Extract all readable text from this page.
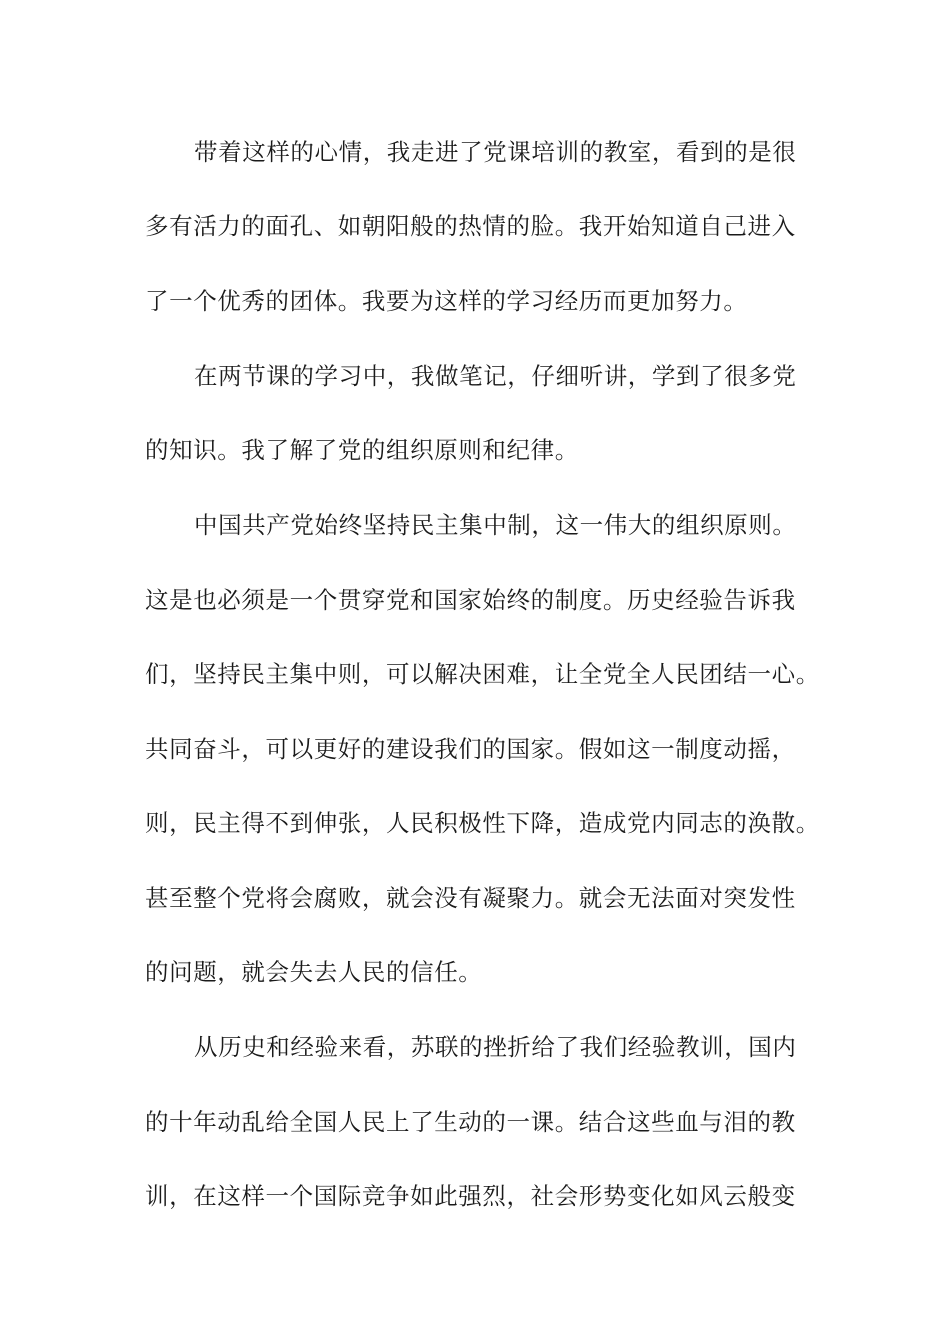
带着这样的心情，我走进了党课培训的教室，看到的是很
多有活力的面孔、如朝阳般的热情的脸。我开始知道自己进入
了一个优秀的团体。我要为这样的学习经历而更加努力。
在两节课的学习中，我做笔记，仔细听讲，学到了很多党
的知识。我了解了党的组织原则和纪律。
中国共产党始终坚持民主集中制，这一伟大的组织原则。
这是也必须是一个贯穿党和国家始终的制度。历史经验告诉我
们，坚持民主集中则，可以解决困难，让全党全人民团结一心。
共同奋斗，可以更好的建设我们的国家。假如这一制度动摇，
则，民主得不到伸张，人民积极性下降，造成党内同志的涣散。
甚至整个党将会腐败，就会没有凝聚力。就会无法面对突发性
的问题，就会失去人民的信任。
从历史和经验来看，苏联的挫折给了我们经验教训，国内
的十年动乱给全国人民上了生动的一课。结合这些血与泪的教
训，在这样一个国际竞争如此强烈，社会形势变化如风云般变
